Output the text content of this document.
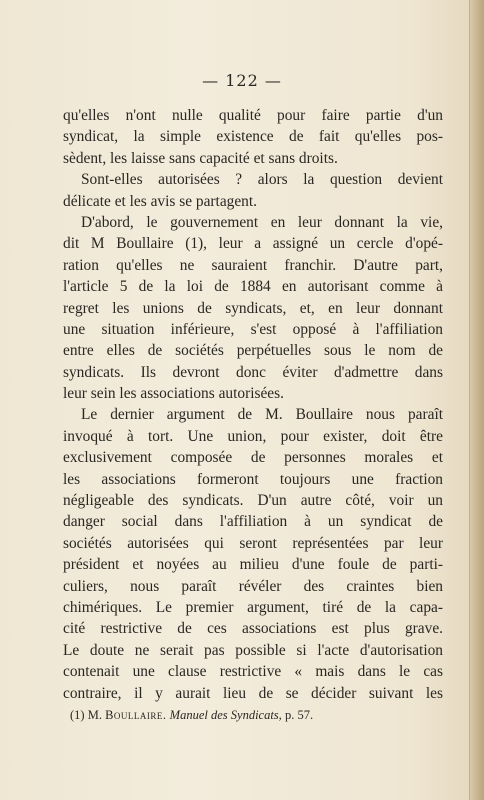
— 122 —
qu'elles n'ont nulle qualité pour faire partie d'un
syndicat, la simple existence de fait qu'elles pos-
sèdent, les laisse sans capacité et sans droits.
Sont-elles autorisées ? alors la question devient
délicate et les avis se partagent.
D'abord, le gouvernement en leur donnant la vie,
dit M Boullaire (1), leur a assigné un cercle d'opé-
ration qu'elles ne sauraient franchir. D'autre part,
l'article 5 de la loi de 1884 en autorisant comme à
regret les unions de syndicats, et, en leur donnant
une situation inférieure, s'est opposé à l'affiliation
entre elles de sociétés perpétuelles sous le nom de
syndicats. Ils devront donc éviter d'admettre dans
leur sein les associations autorisées.
Le dernier argument de M. Boullaire nous paraît
invoqué à tort. Une union, pour exister, doit être
exclusivement composée de personnes morales et
les associations formeront toujours une fraction
négligeable des syndicats. D'un autre côté, voir un
danger social dans l'affiliation à un syndicat de
sociétés autorisées qui seront représentées par leur
président et noyées au milieu d'une foule de parti-
culiers, nous paraît révéler des craintes bien
chimériques. Le premier argument, tiré de la capa-
cité restrictive de ces associations est plus grave.
Le doute ne serait pas possible si l'acte d'autorisation
contenait une clause restrictive « mais dans le cas
contraire, il y aurait lieu de se décider suivant les
(1) M. Boullaire. Manuel des Syndicats, p. 57.
